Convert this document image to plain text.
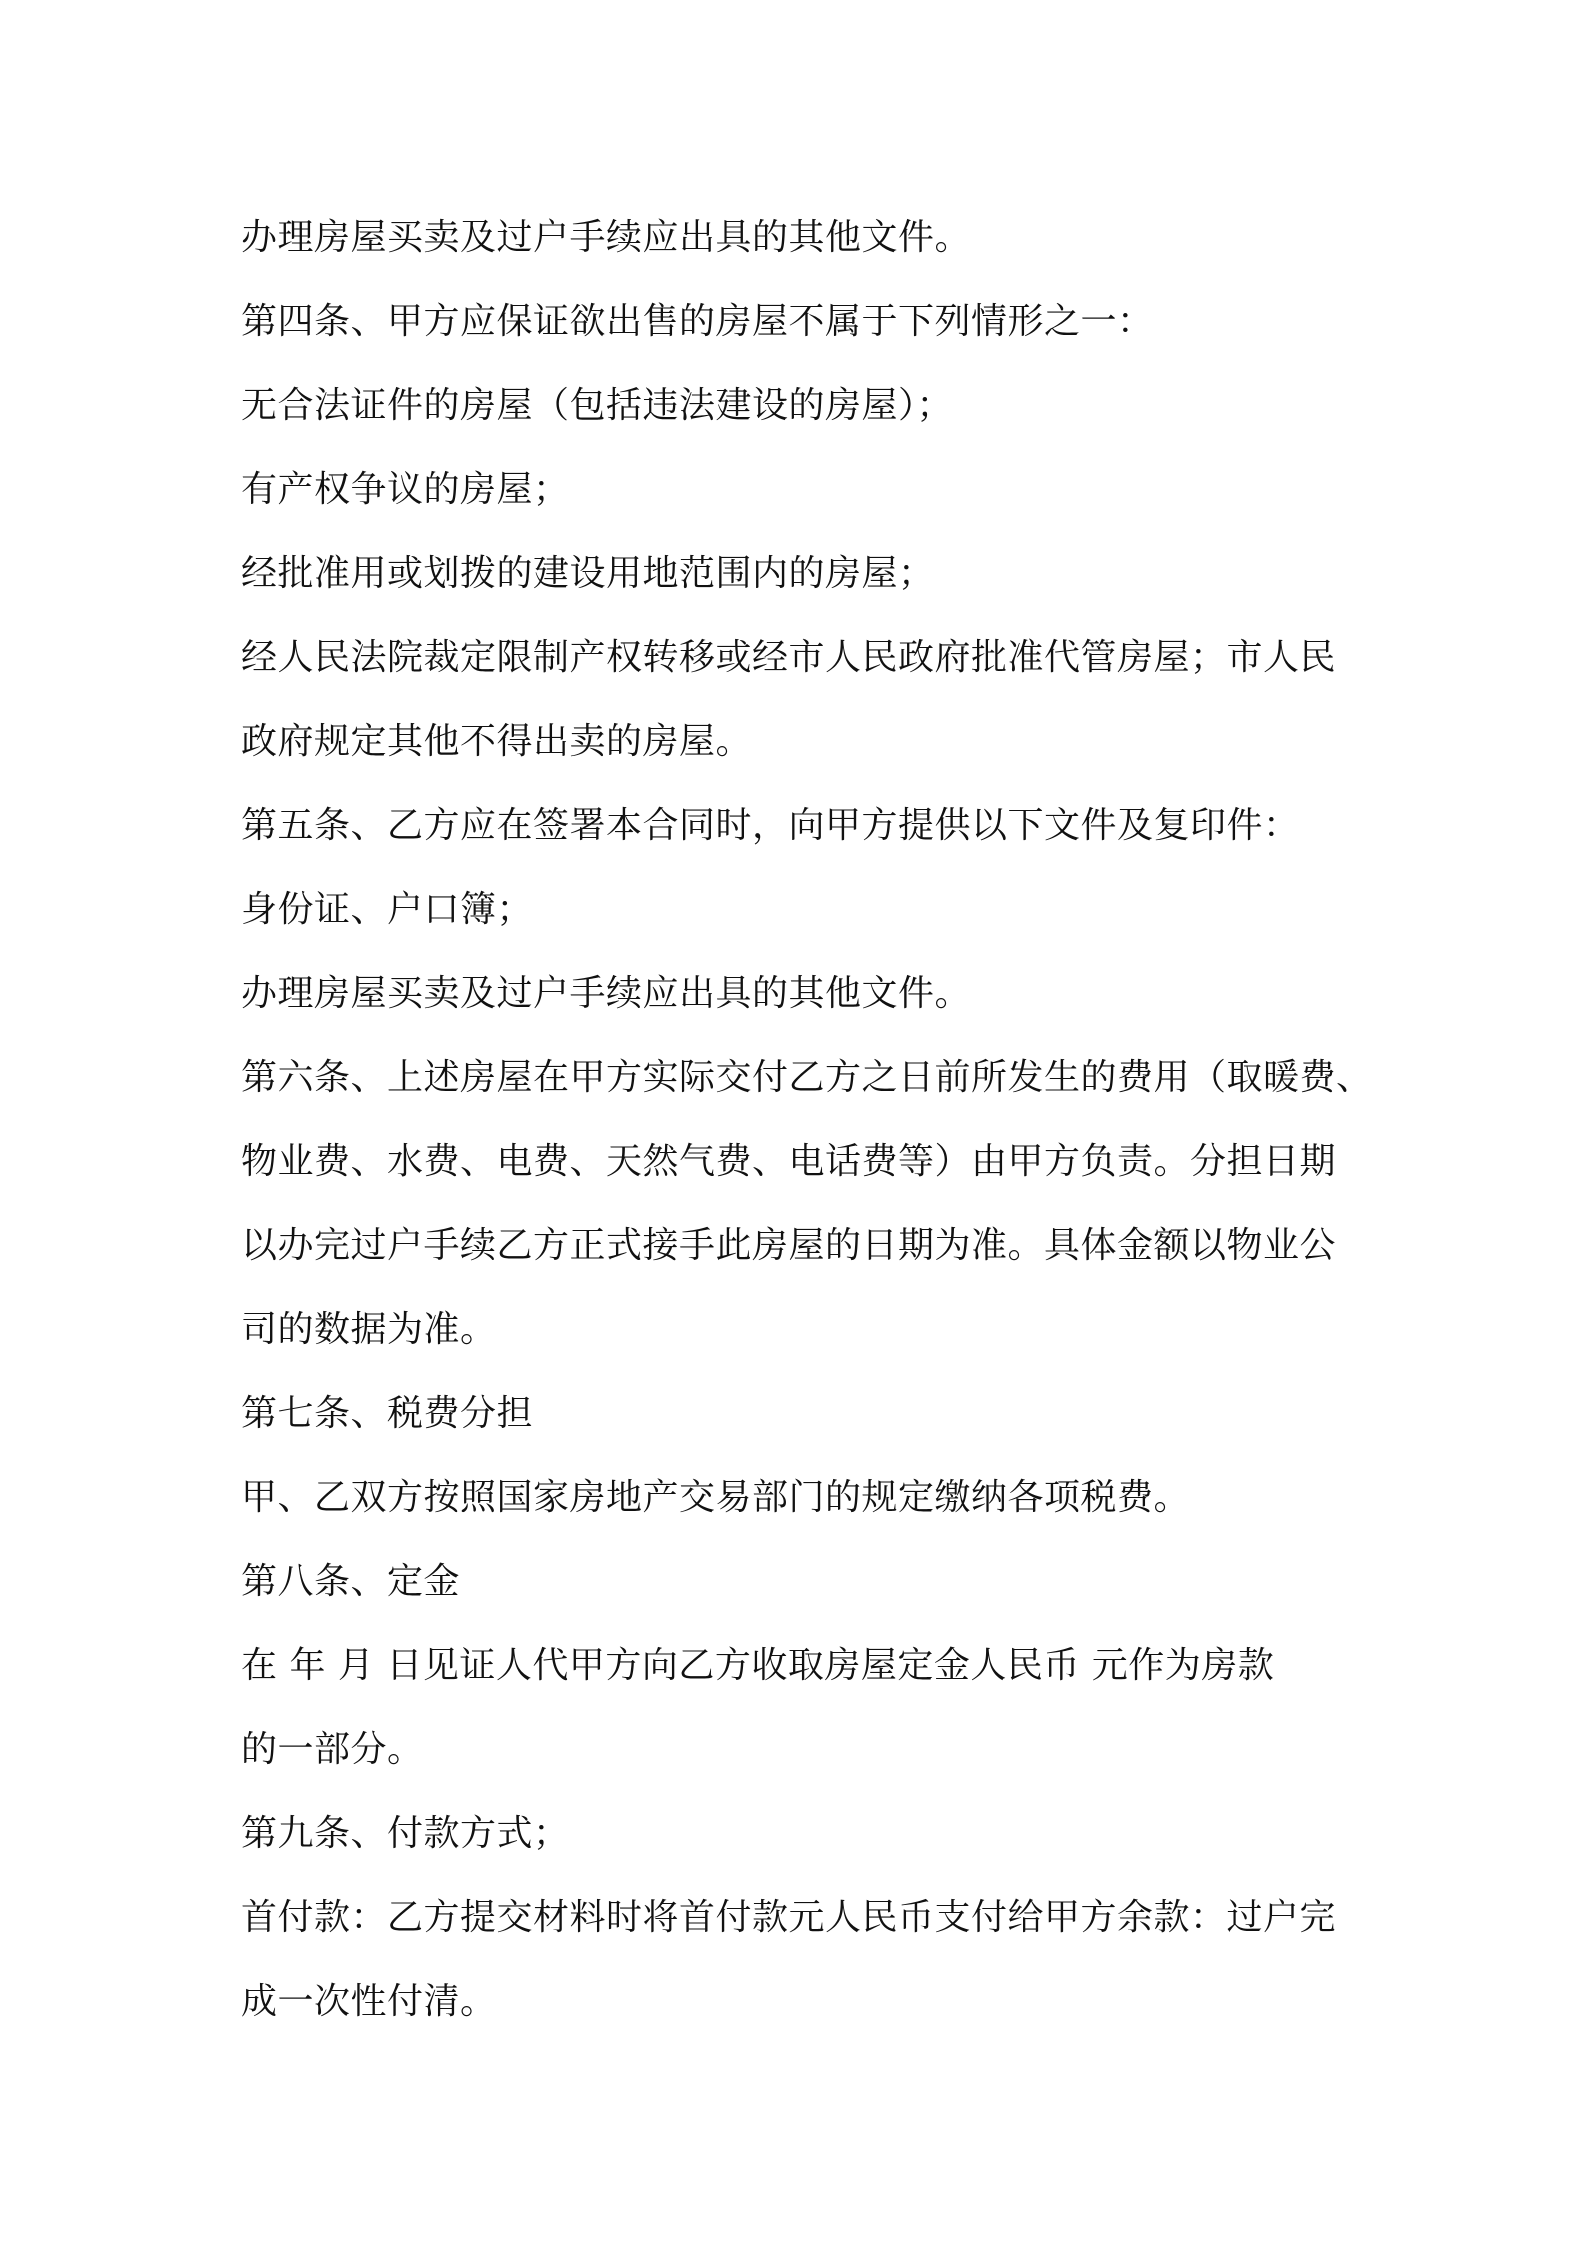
办理房屋买卖及过户手续应出具的其他文件。
第四条、甲方应保证欲出售的房屋不属于下列情形之一：
无合法证件的房屋（包括违法建设的房屋）；
有产权争议的房屋；
经批准用或划拨的建设用地范围内的房屋；
经人民法院裁定限制产权转移或经市人民政府批准代管房屋；市人民
政府规定其他不得出卖的房屋。
第五条、乙方应在签署本合同时，向甲方提供以下文件及复印件：
身份证、户口簿；
办理房屋买卖及过户手续应出具的其他文件。
第六条、上述房屋在甲方实际交付乙方之日前所发生的费用（取暖费、
物业费、水费、电费、天然气费、电话费等）由甲方负责。分担日期
以办完过户手续乙方正式接手此房屋的日期为准。具体金额以物业公
司的数据为准。
第七条、税费分担
甲、乙双方按照国家房地产交易部门的规定缴纳各项税费。
第八条、定金
在 年 月 日见证人代甲方向乙方收取房屋定金人民币 元作为房款
的一部分。
第九条、付款方式；
首付款：乙方提交材料时将首付款元人民币支付给甲方余款：过户完
成一次性付清。
